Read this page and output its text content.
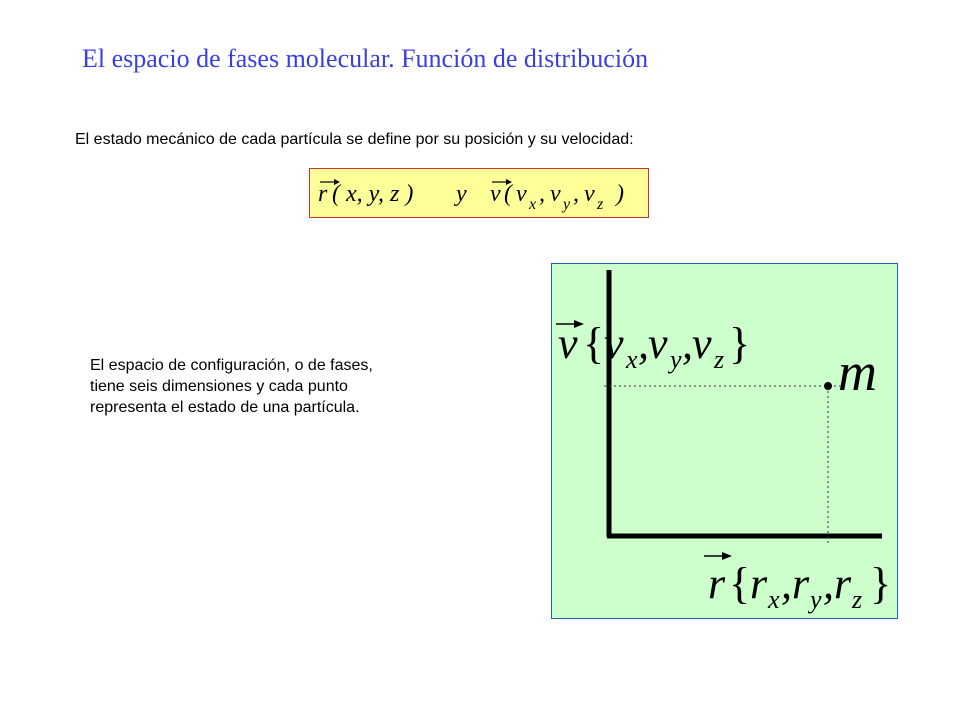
El espacio de fases molecular. Función de distribución
El estado mecánico de cada partícula se define por su posición y su velocidad:
r ( x, y, z ) y v ( v x , v y , v z )
El espacio de configuración, o de fases,
tiene seis dimensiones y cada punto
representa el estado de una partícula.
m
v { v x , v y , v z }
r { r x , r y , r z }
